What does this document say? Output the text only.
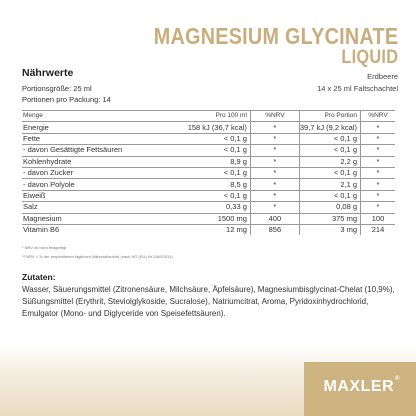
MAGNESIUM GLYCINATE
LIQUID
Erdbeere
14 x 25 ml Faltschachtel
Nährwerte
Portionsgröße: 25 ml
Portionen pro Packung: 14
Menge	Pro 100 ml	%NRV	Pro Portion	%NRV
Energie	158 kJ (36,7 kcal)	*	39,7 kJ (9,2 kcal)	*
Fette	< 0,1 g	*	< 0,1 g	*
- davon Gesättigte Fettsäuren	< 0,1 g	*	< 0,1 g	*
Kohlenhydrate	8,9 g	*	2,2 g	*
- davon Zucker	< 0,1 g	*	< 0,1 g	*
- davon Polyole	8,5 g	*	2,1 g	*
Eiweiß	< 0,1 g	*	< 0,1 g	*
Salz	0,33 g	*	0,08 g	*
Magnesium	1500 mg	400	375 mg	100
Vitamin B6	12 mg	856	3 mg	214
* NRV ist nicht festgelegt
** NRV = % der empfohlenen täglichen Nährstoffzufuhr (nach VO (EU) Nr.1169/2011)
Zutaten:
Wasser, Säuerungsmittel (Zitronensäure, Milchsäure, Äpfelsäure), Magnesiumbisglycinat-Chelat (10,9%), Süßungsmittel (Erythrit, Steviolglykoside, Sucralose), Natriumcitrat, Aroma, Pyridoxinhydrochlorid, Emulgator (Mono- und Diglyceride von Speisefettsäuren).
MAXLER®
